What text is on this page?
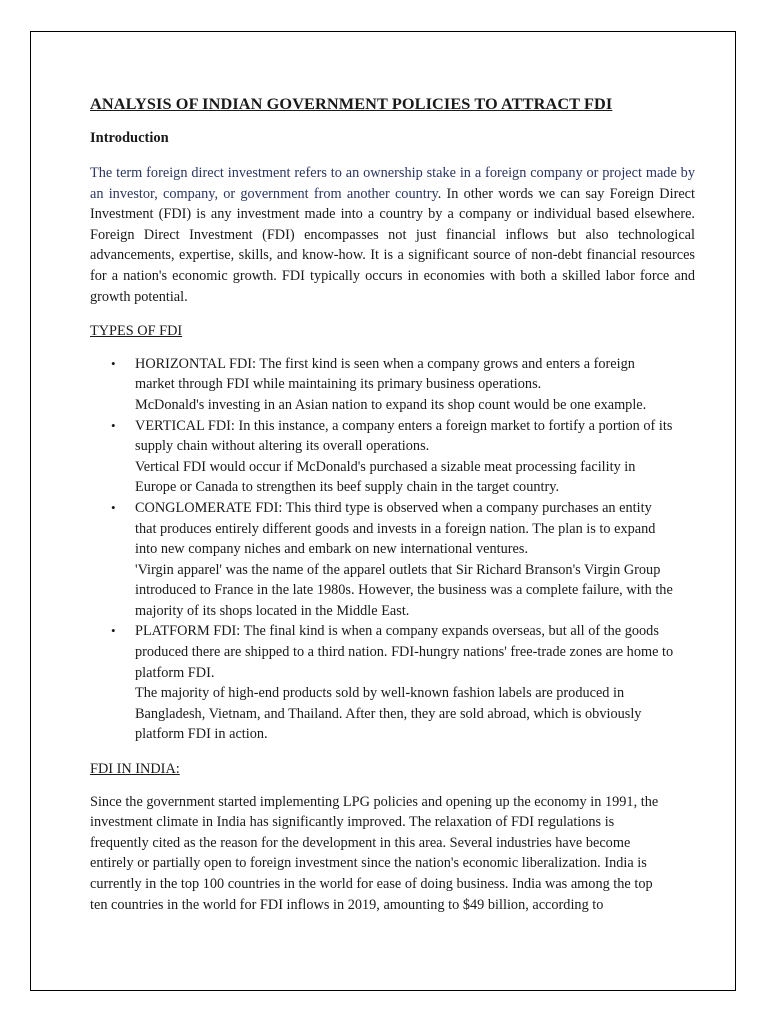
ANALYSIS OF INDIAN GOVERNMENT POLICIES TO ATTRACT FDI
Introduction

The term foreign direct investment refers to an ownership stake in a foreign company or project made by an investor, company, or government from another country. In other words we can say Foreign Direct Investment (FDI) is any investment made into a country by a company or individual based elsewhere. Foreign Direct Investment (FDI) encompasses not just financial inflows but also technological advancements, expertise, skills, and know-how. It is a significant source of non-debt financial resources for a nation's economic growth. FDI typically occurs in economies with both a skilled labor force and growth potential.

TYPES OF FDI

• HORIZONTAL FDI: The first kind is seen when a company grows and enters a foreign market through FDI while maintaining its primary business operations.
McDonald's investing in an Asian nation to expand its shop count would be one example.
• VERTICAL FDI: In this instance, a company enters a foreign market to fortify a portion of its supply chain without altering its overall operations.
Vertical FDI would occur if McDonald's purchased a sizable meat processing facility in Europe or Canada to strengthen its beef supply chain in the target country.
• CONGLOMERATE FDI: This third type is observed when a company purchases an entity that produces entirely different goods and invests in a foreign nation. The plan is to expand into new company niches and embark on new international ventures.
'Virgin apparel' was the name of the apparel outlets that Sir Richard Branson's Virgin Group introduced to France in the late 1980s. However, the business was a complete failure, with the majority of its shops located in the Middle East.
• PLATFORM FDI: The final kind is when a company expands overseas, but all of the goods produced there are shipped to a third nation. FDI-hungry nations' free-trade zones are home to platform FDI.
The majority of high-end products sold by well-known fashion labels are produced in Bangladesh, Vietnam, and Thailand. After then, they are sold abroad, which is obviously platform FDI in action.

FDI IN INDIA:

Since the government started implementing LPG policies and opening up the economy in 1991, the investment climate in India has significantly improved. The relaxation of FDI regulations is frequently cited as the reason for the development in this area. Several industries have become entirely or partially open to foreign investment since the nation's economic liberalization. India is currently in the top 100 countries in the world for ease of doing business. India was among the top ten countries in the world for FDI inflows in 2019, amounting to $49 billion, according to
